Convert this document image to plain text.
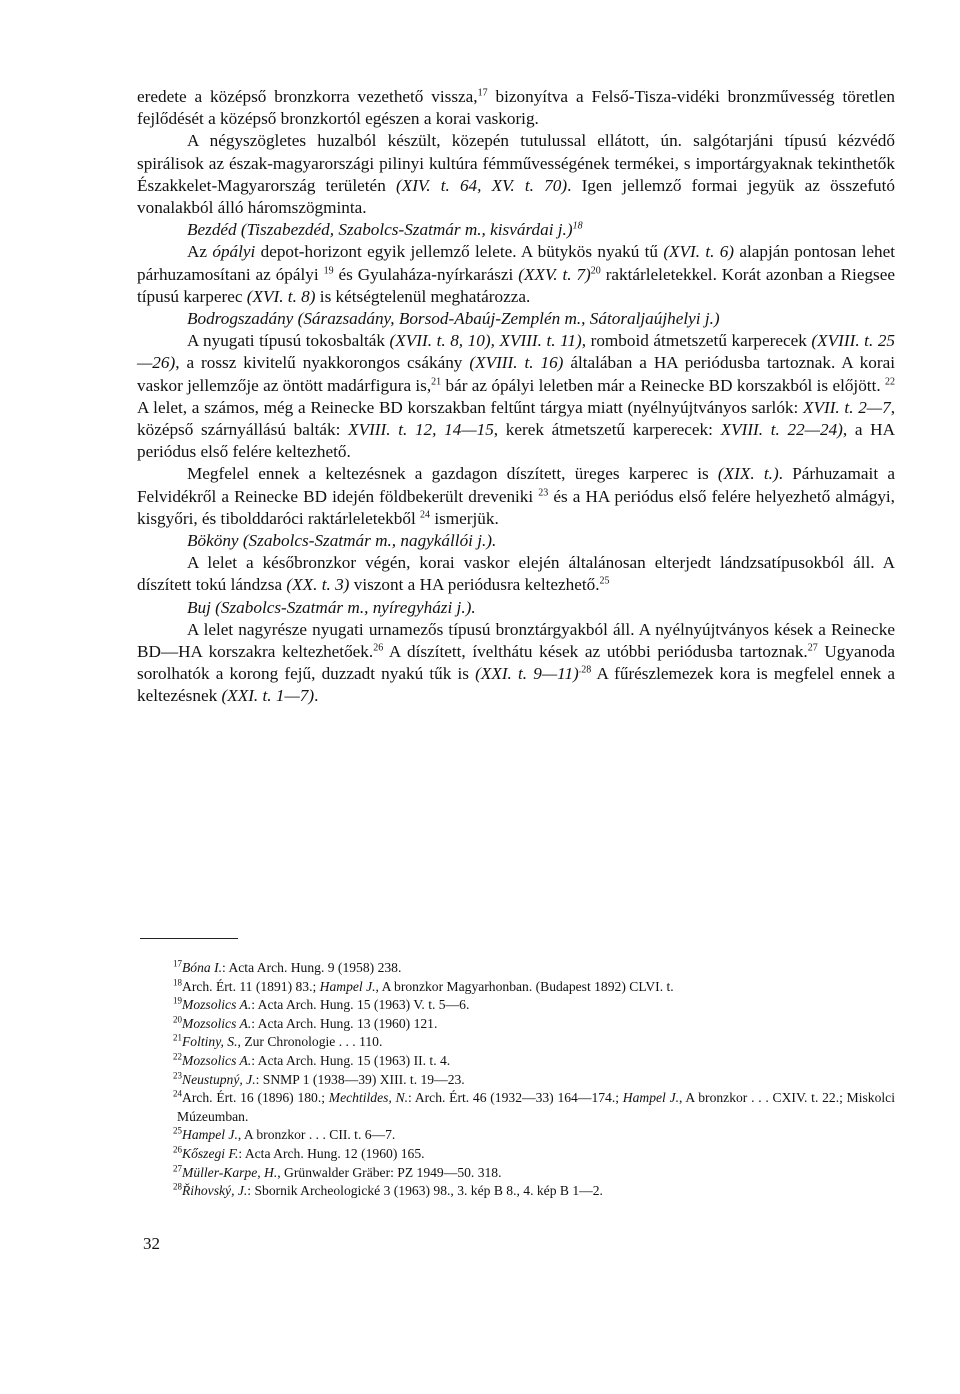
eredete a középső bronzkorra vezethető vissza,$^{17}$ bizonyítva a Felső-Tisza-vidéki bronzművesség töretlen fejlődését a középső bronzkortól egészen a korai vaskorig.

A négyszögletes huzalból készült, közepén tutulussal ellátott, ún. salgótarjáni típusú kézvédő spirálisok az észak-magyarországi pilinyi kultúra fémművességének termékei, s importárgyaknak tekinthetők Északkelet-Magyarország területén (XIV. t. 64, XV. t. 70). Igen jellemző formai jegyük az összefutó vonalakból álló háromszögminta.

Bezdéd (Tiszabezdéd, Szabolcs-Szatmár m., kisvárdai j.)$^{18}$

Az ópályi depot-horizont egyik jellemző lelete. A bütykös nyakú tű (XVI. t. 6) alapján pontosan lehet párhuzamosítani az ópályi $^{19}$ és Gyulaháza-nyírkarászi (XXV. t. 7)$^{20}$ raktárleletekkel. Korát azonban a Riegsee típusú karperec (XVI. t. 8) is kétségtelenül meghatározza.

Bodrogszadány (Sárazsadány, Borsod-Abaúj-Zemplén m., Sátoraljaújhelyi j.)

A nyugati típusú tokosbalták (XVII. t. 8, 10), XVIII. t. 11), romboid átmetszetű karperecek (XVIII. t. 25—26), a rossz kivitelű nyakkorongos csákány (XVIII. t. 16) általában a HA periódusba tartoznak. A korai vaskor jellemzője az öntött madárfigura is,$^{21}$ bár az ópályi leletben már a Reinecke BD korszakból is előjött. $^{22}$ A lelet, a számos, még a Reinecke BD korszakban feltűnt tárgya miatt (nyélnyújtványos sarlók: XVII. t. 2—7, középső szárnyállású balták: XVIII. t. 12, 14—15, kerek átmetszetű karperecek: XVIII. t. 22—24), a HA periódus első felére keltezhető.

Megfelel ennek a keltezésnek a gazdagon díszített, üreges karperec is (XIX. t.). Párhuzamait a Felvidékről a Reinecke BD idején földbekerült dreveniki $^{23}$ és a HA periódus első felére helyezhető almágyi, kisgyőri, és tibolddaróci raktárleletekből $^{24}$ ismerjük.

Bököny (Szabolcs-Szatmár m., nagykállói j.).

A lelet a későbronzkor végén, korai vaskor elején általánosan elterjedt lándzsatípusokból áll. A díszített tokú lándzsa (XX. t. 3) viszont a HA periódusra keltezhető.$^{25}$

Buj (Szabolcs-Szatmár m., nyíregyházi j.).

A lelet nagyrésze nyugati urnamezős típusú bronztárgyakból áll. A nyélnyújtványos kések a Reinecke BD—HA korszakra keltezhetőek.$^{26}$ A díszített, ívelthátu kések az utóbbi periódusba tartoznak.$^{27}$ Ugyanoda sorolhatók a korong fejű, duzzadt nyakú tűk is (XXI. t. 9—11)$^{.28}$ A fűrészlemezek kora is megfelel ennek a keltezésnek (XXI. t. 1—7).

$^{17}$Bóna I.: Acta Arch. Hung. 9 (1958) 238.

$^{18}$Arch. Ért. 11 (1891) 83.; Hampel J., A bronzkor Magyarhonban. (Budapest 1892) CLVI. t.

$^{19}$Mozsolics A.: Acta Arch. Hung. 15 (1963) V. t. 5—6.

$^{20}$Mozsolics A.: Acta Arch. Hung. 13 (1960) 121.

$^{21}$Foltiny, S., Zur Chronologie . . . 110.

$^{22}$Mozsolics A.: Acta Arch. Hung. 15 (1963) II. t. 4.

$^{23}$Neustupný, J.: SNMP 1 (1938—39) XIII. t. 19—23.

$^{24}$Arch. Ért. 16 (1896) 180.; Mechtildes, N.: Arch. Ért. 46 (1932—33) 164—174.; Hampel J., A bronzkor . . . CXIV. t. 22.; Miskolci Múzeumban.

$^{25}$Hampel J., A bronzkor . . . CII. t. 6—7.

$^{26}$Kőszegi F.: Acta Arch. Hung. 12 (1960) 165.

$^{27}$Müller-Karpe, H., Grünwalder Gräber: PZ 1949—50. 318.

$^{28}$Řihovský, J.: Sbornik Archeologické 3 (1963) 98., 3. kép B 8., 4. kép B 1—2.

32
